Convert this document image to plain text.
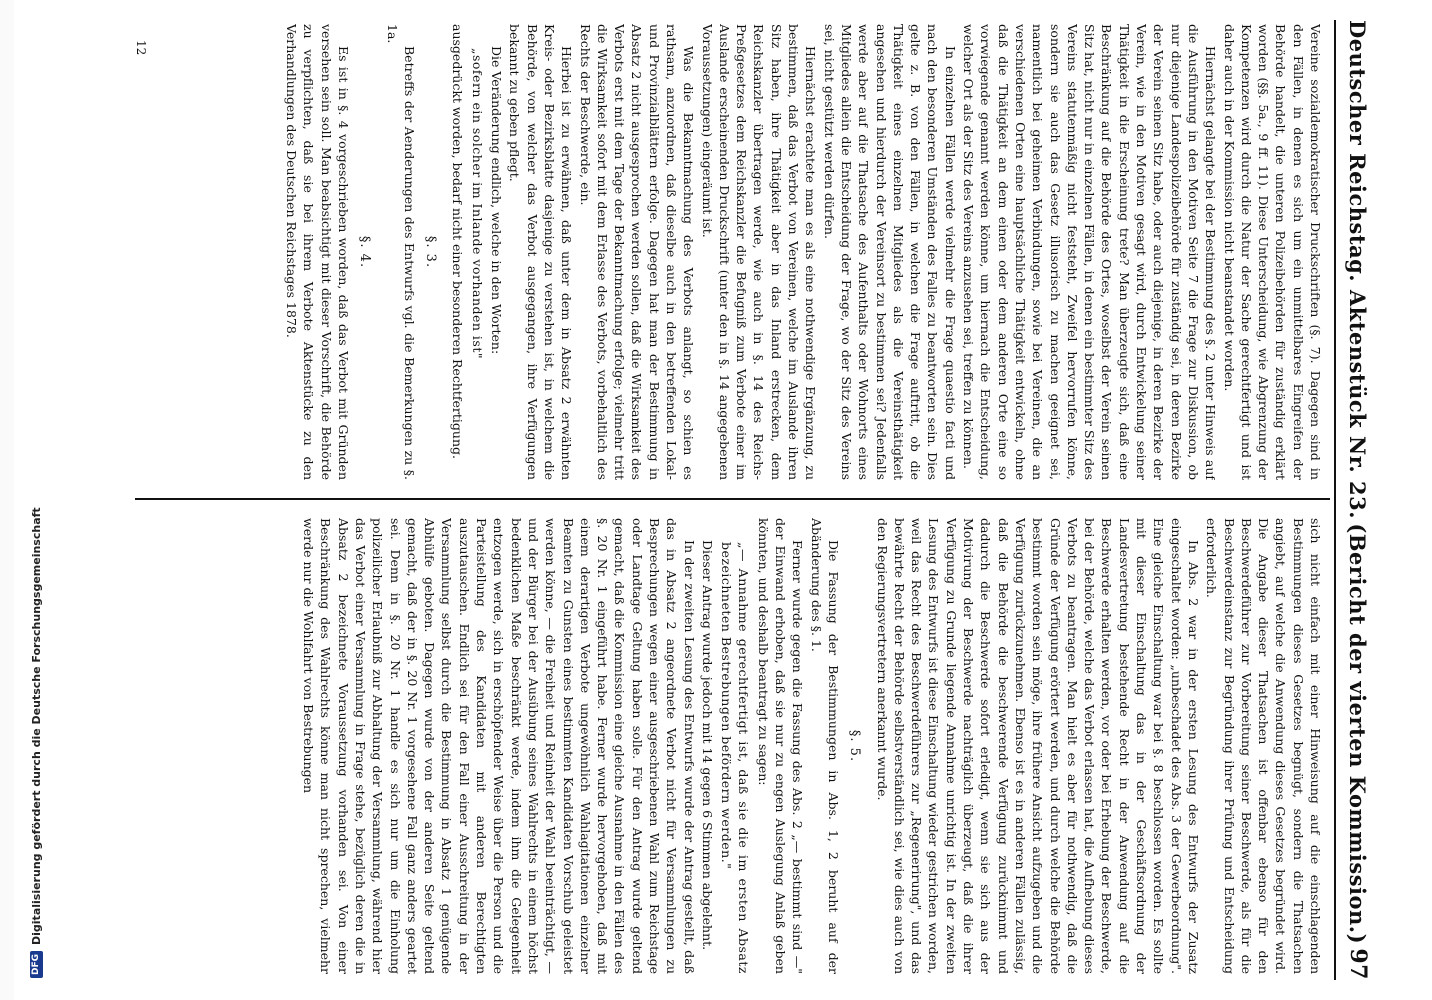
DFG
Digitalisierung gefördert durch die Deutsche Forschungsgemeinschaft
Deutscher Reichstag. Aktenstück Nr. 23.
(Bericht der vierten Kommission.)
97

Vereine sozialdemokratischer Druckschriften (§. 7). Dagegen sind in den Fällen, in denen es sich um ein unmittelbares Eingreifen der Behörde handelt, die unteren Polizeibehörden für zuständig erklärt worden (§§. 5a., 9 ff. 11). Diese Unterscheidung, wie Abgrenzung der Kompetenzen wird durch die Natur der Sache gerechtfertigt und ist daher auch in der Kommission nicht beanstandet worden.

Hiernächst gelangte bei der Bestimmung des §. 2 unter Hinweis auf die Ausführung in den Motiven Seite 7 die Frage zur Diskussion, ob nur diejenige Landespolizeibehörde für zuständig sei, in deren Bezirke der Verein seinen Sitz habe, oder auch diejenige, in deren Bezirke der Verein, wie in den Motiven gesagt wird, durch Entwickelung seiner Thätigkeit in die Erscheinung trete? Man überzeugte sich, daß eine Beschränkung auf die Behörde des Ortes, woselbst der Verein seinen Sitz hat, nicht nur in einzelnen Fällen, in denen ein bestimmter Sitz des Vereins statutenmäßig nicht feststeht, Zweifel hervorrufen könne, sondern sie auch das Gesetz illusorisch zu machen geeignet sei, namentlich bei geheimen Verbindungen, sowie bei Vereinen, die an verschiedenen Orten eine hauptsächliche Thätigkeit entwickeln, ohne daß die Thätigkeit an dem einen oder dem anderen Orte eine so vorwiegende genannt werden könne, um hiernach die Entscheidung, welcher Ort als der Sitz des Vereins anzusehen sei, treffen zu können.

In einzelnen Fällen werde vielmehr die Frage quaestio facti und nach den besonderen Umständen des Falles zu beantworten sein. Dies gelte z. B. von den Fällen, in welchen die Frage auftritt, ob die Thätigkeit eines einzelnen Mitgliedes als die Vereinsthätigkeit angesehen und hierdurch der Vereinsort zu bestimmen sei? Jedenfalls werde aber auf die Thatsache des Aufenthalts oder Wohnorts eines Mitgliedes allein die Entscheidung der Frage, wo der Sitz des Vereins sei, nicht gestützt werden dürfen.

Hiernächst erachtete man es als eine nothwendige Ergänzung, zu bestimmen, daß das Verbot von Vereinen, welche im Auslande ihren Sitz haben, ihre Thätigkeit aber in das Inland erstrecken, dem Reichskanzler übertragen werde, wie auch in §. 14 des Reichs-Preßgesetzes dem Reichskanzler die Befugniß zum Verbote einer im Auslande erscheinenden Druckschrift (unter den in §. 14 angegebenen Voraussetzungen) eingeräumt ist.

Was die Bekanntmachung des Verbots anlangt, so schien es rathsam, anzuordnen, daß dieselbe auch in den betreffenden Lokal- und Provinzialblättern erfolge. Dagegen hat man der Bestimmung in Absatz 2 nicht ausgesprochen werden sollen, daß die Wirksamkeit des Verbots erst mit dem Tage der Bekanntmachung erfolge; vielmehr tritt die Wirksamkeit sofort mit dem Erlasse des Verbots, vorbehaltlich des Rechts der Beschwerde, ein.

Hierbei ist zu erwähnen, daß unter dem in Absatz 2 erwähnten Kreis- oder Bezirksblatte dasjenige zu verstehen ist, in welchem die Behörde, von welcher das Verbot ausgegangen, ihre Verfügungen bekannt zu geben pflegt.

Die Veränderung endlich, welche in den Worten:

„sofern ein solcher im Inlande vorhanden ist"

ausgedrückt worden, bedarf nicht einer besonderen Rechtfertigung.

§. 3.

Betreffs der Aenderungen des Entwurfs vgl. die Bemerkungen zu §. 1a.

§. 4.

Es ist in §. 4 vorgeschrieben worden, daß das Verbot mit Gründen versehen sein soll. Man beabsichtigt mit dieser Vorschrift, die Behörde zu verpflichten, daß sie bei ihrem Verbote Aktenstücke zu den Verhandlungen des Deutschen Reichstages 1878.

sich nicht einfach mit einer Hinweisung auf die einschlagenden Bestimmungen dieses Gesetzes begnügt, sondern die Thatsachen angiebt, auf welche die Anwendung dieses Gesetzes begründet wird. Die Angabe dieser Thatsachen ist offenbar ebenso für den Beschwerdeführer zur Vorbereitung seiner Beschwerde, als für die Beschwerdeinstanz zur Begründung ihrer Prüfung und Entscheidung erforderlich.

In Abs. 2 war in der ersten Lesung des Entwurfs der Zusatz eingeschaltet worden: „unbeschadet des Abs. 3 der Gewerbeordnung". Eine gleiche Einschaltung war bei §. 8 beschlossen worden. Es sollte mit dieser Einschaltung das in der Geschäftsordnung der Landesvertretung bestehende Recht in der Anwendung auf die Beschwerde erhalten werden, vor oder bei Erhebung der Beschwerde, bei der Behörde, welche das Verbot erlassen hat, die Aufhebung dieses Verbots zu beantragen. Man hielt es aber für nothwendig, daß die Gründe der Verfügung erörtert werden, und durch welche die Behörde bestimmt worden sein möge, ihre frühere Ansicht aufzugeben und die Verfügung zurückzunehmen. Ebenso ist es in anderen Fällen zulässig, daß die Behörde die beschwerende Verfügung zurücknimmt und dadurch die Beschwerde sofort erledigt, wenn sie sich aus der Motivirung der Beschwerde nachträglich überzeugt, daß die ihrer Verfügung zu Grunde liegende Annahme unrichtig ist. In der zweiten Lesung des Entwurfs ist diese Einschaltung wieder gestrichen worden, weil das Recht des Beschwerdeführers zur „Regenerirung", und das bewährte Recht der Behörde selbstverständlich sei, wie dies auch von den Regierungsvertretern anerkannt wurde.

§. 5.

Die Fassung der Bestimmungen in Abs. 1, 2 beruht auf der Abänderung des §. 1.

Ferner wurde gegen die Fassung des Abs. 2 „— bestimmt sind —" der Einwand erhoben, daß sie nur zu engen Auslegung Anlaß geben könnten, und deshalb beantragt zu sagen:

„— Annahme gerechtfertigt ist, daß sie die im ersten Absatz bezeichneten Bestrebungen befördern werden."

Dieser Antrag wurde jedoch mit 14 gegen 6 Stimmen abgelehnt.

In der zweiten Lesung des Entwurfs wurde der Antrag gestellt, daß das in Absatz 2 angeordnete Verbot nicht für Versammlungen zu Besprechungen wegen einer ausgeschriebenen Wahl zum Reichstage oder Landtage Geltung haben solle. Für den Antrag wurde geltend gemacht, daß die Kommission eine gleiche Ausnahme in den Fällen des §. 20 Nr. 1 eingeführt habe. Ferner wurde hervorgehoben, daß mit einem derartigen Verbote ungewöhnlich Wahlagitationen einzelner Beamten zu Gunsten eines bestimmten Kandidaten Vorschub geleistet werden könne, — die Freiheit und Reinheit der Wahl beeinträchtigt, — und der Bürger bei der Ausübung seines Wahlrechts in einem höchst bedenklichen Maße beschränkt werde, indem ihm die Gelegenheit entzogen werde, sich in erschöpfender Weise über die Person und die Parteistellung des Kandidaten mit anderen Berechtigten auszutauschen. Endlich sei für den Fall einer Ausschreitung in der Versammlung selbst durch die Bestimmung in Absatz 1 genügende Abhülfe geboten. Dagegen wurde von der anderen Seite geltend gemacht, daß der in §. 20 Nr. 1 vorgesehene Fall ganz anders geartet sei. Denn in §. 20 Nr. 1 handle es sich nur um die Einholung polizeilicher Erlaubniß zur Abhaltung der Versammlung, während hier das Verbot einer Versammlung in Frage stehe, bezüglich deren die in Absatz 2 bezeichnete Voraussetzung vorhanden sei. Von einer Beschränkung des Wahlrechts könne man nicht sprechen, vielmehr werde nur die Wohlfahrt von Bestrebungen

12
